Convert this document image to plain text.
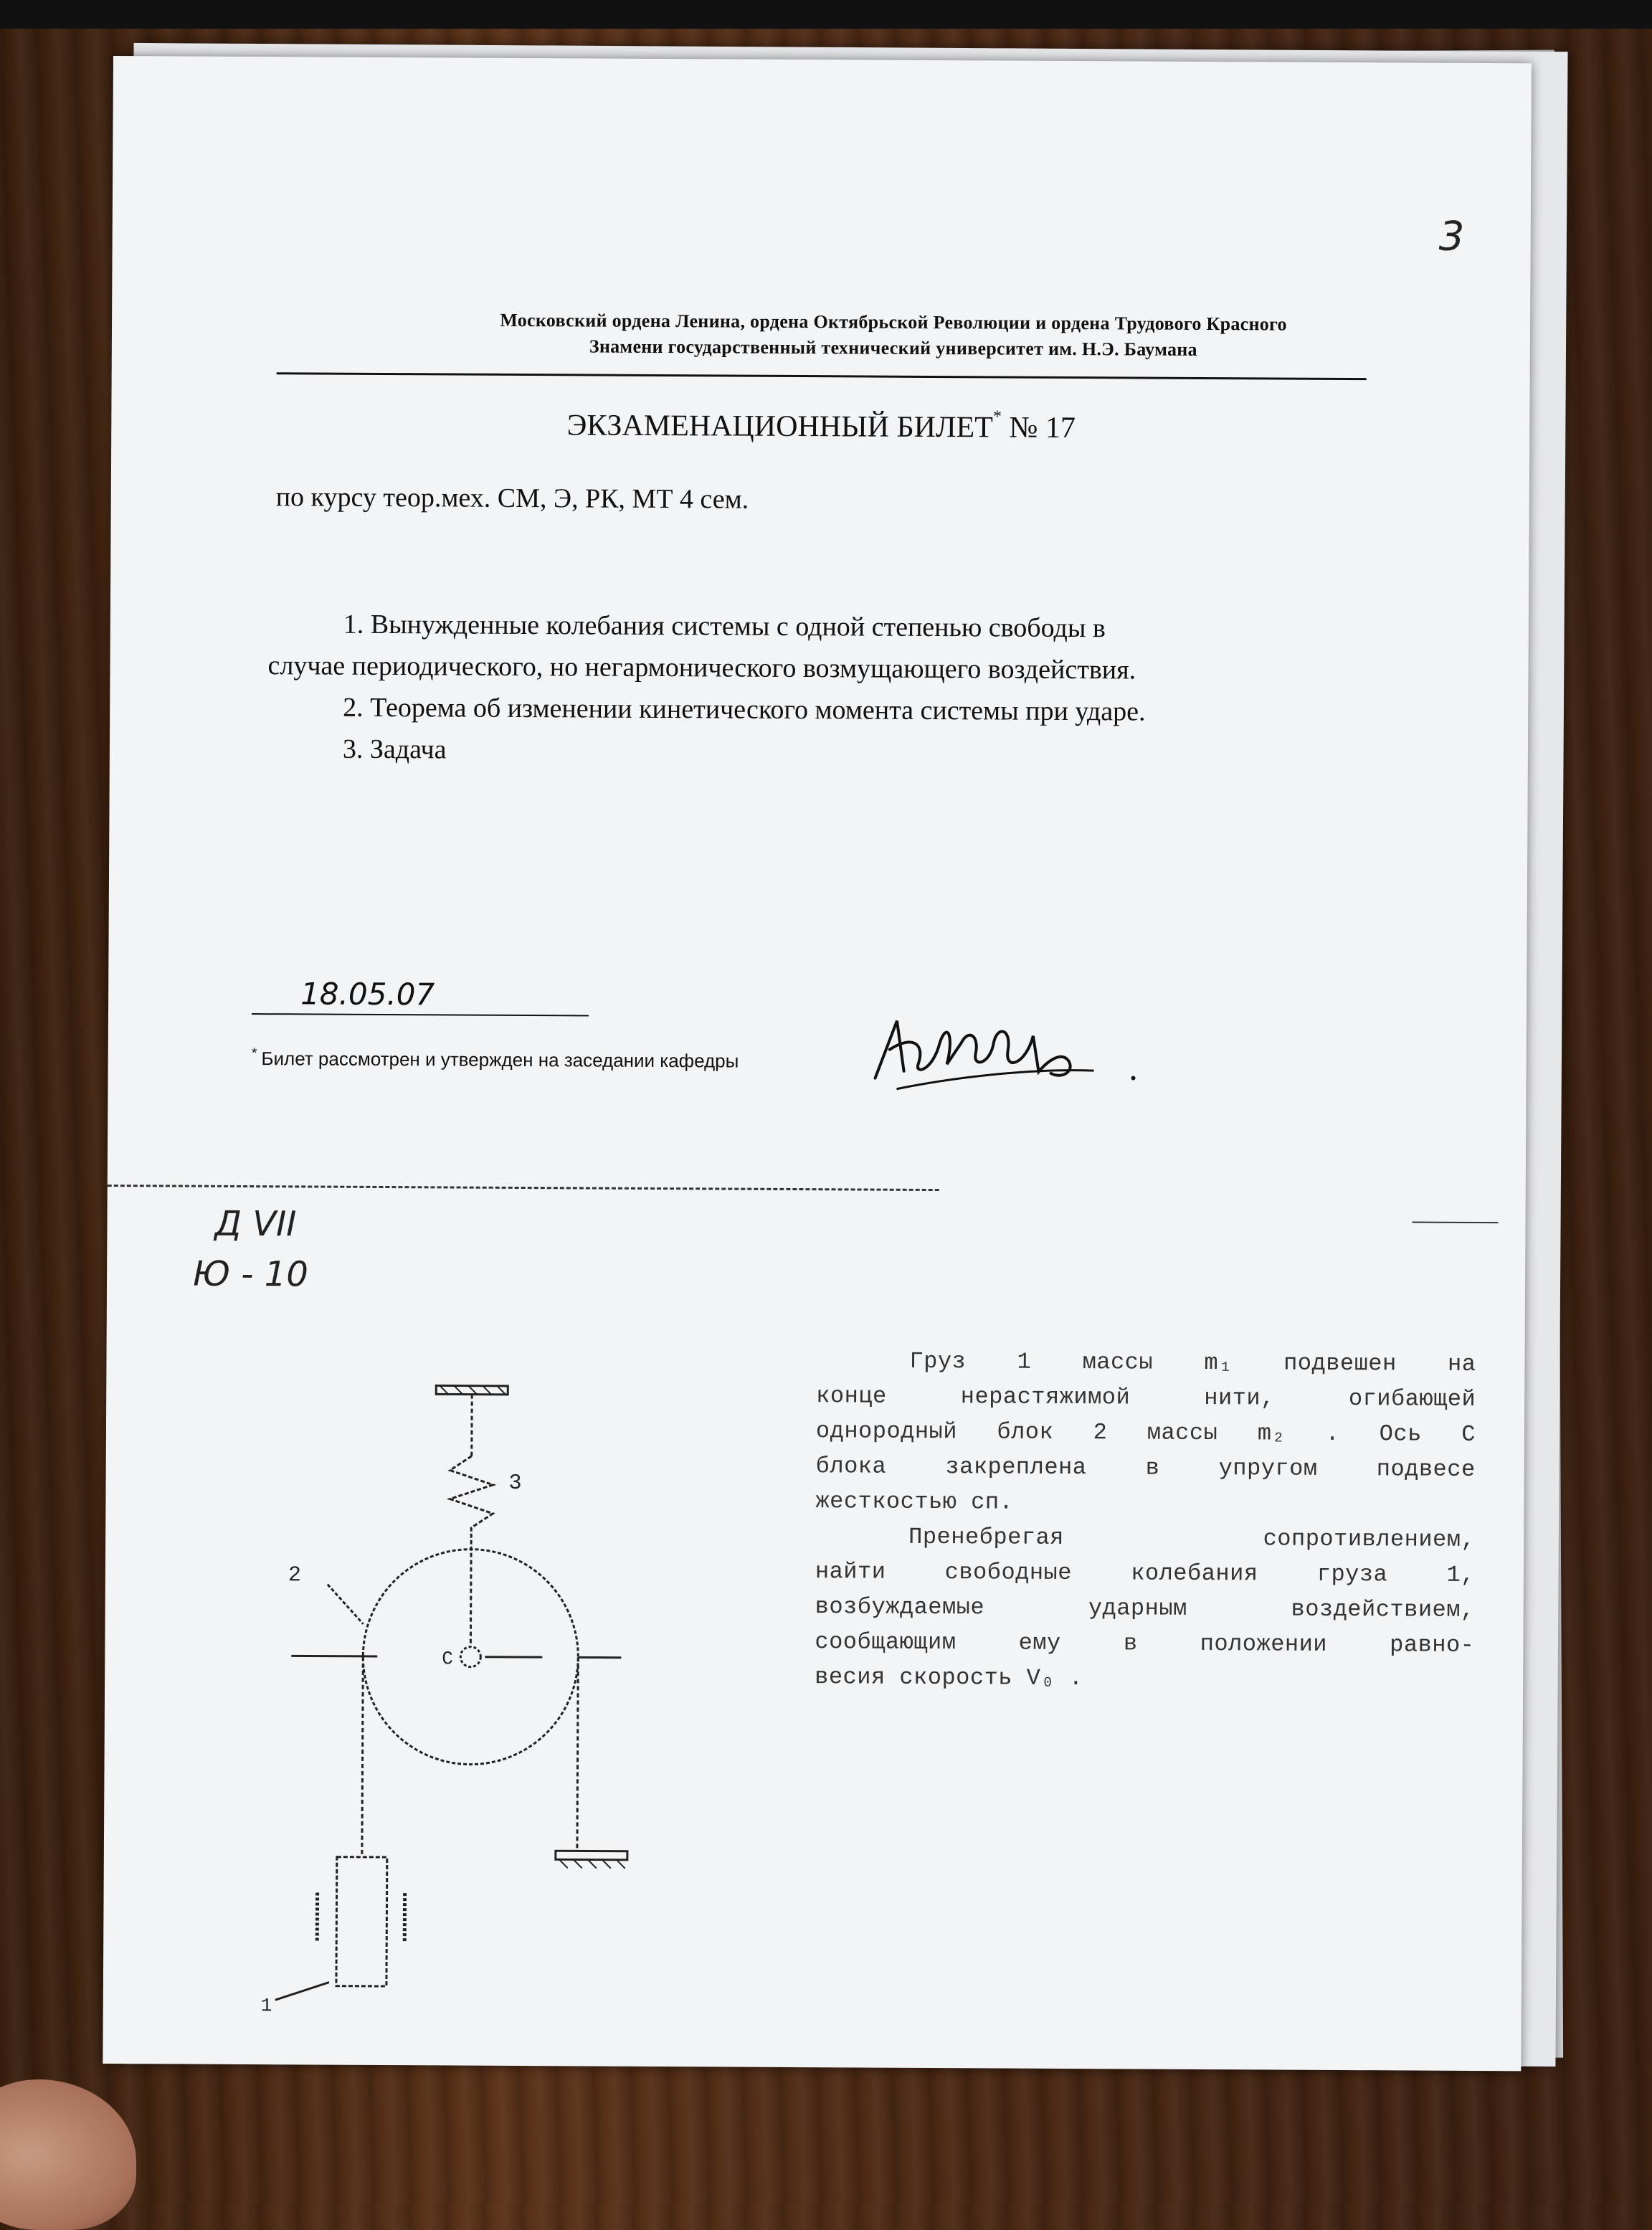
3
Московский ордена Ленина, ордена Октябрьской Революции и ордена Трудового Красного
Знамени государственный технический университет им. Н.Э. Баумана
ЭКЗАМЕНАЦИОННЫЙ БИЛЕТ* № 17
по курсу теор.мех. СМ, Э, РК, МТ 4 сем.

1. Вынужденные колебания системы с одной степенью свободы в

случае периодического, но негармонического возмущающего воздействия.

2. Теорема об изменении кинетического момента системы при ударе.

3. Задача

18.05.07
* Билет рассмотрен и утвержден на заседании кафедры
Д VII
Ю - 10
3
2
C
1

Груз 1 массы m₁ подвешен на

конце нерастяжимой нити, огибающей

однородный блок 2 массы m₂ . Ось С

блока закреплена в упругом подвесе

жесткостью cп.

Пренебрегая сопротивлением,

найти свободные колебания груза 1,

возбуждаемые ударным воздействием,

сообщающим ему в положении равно-

весия скорость V₀ .
